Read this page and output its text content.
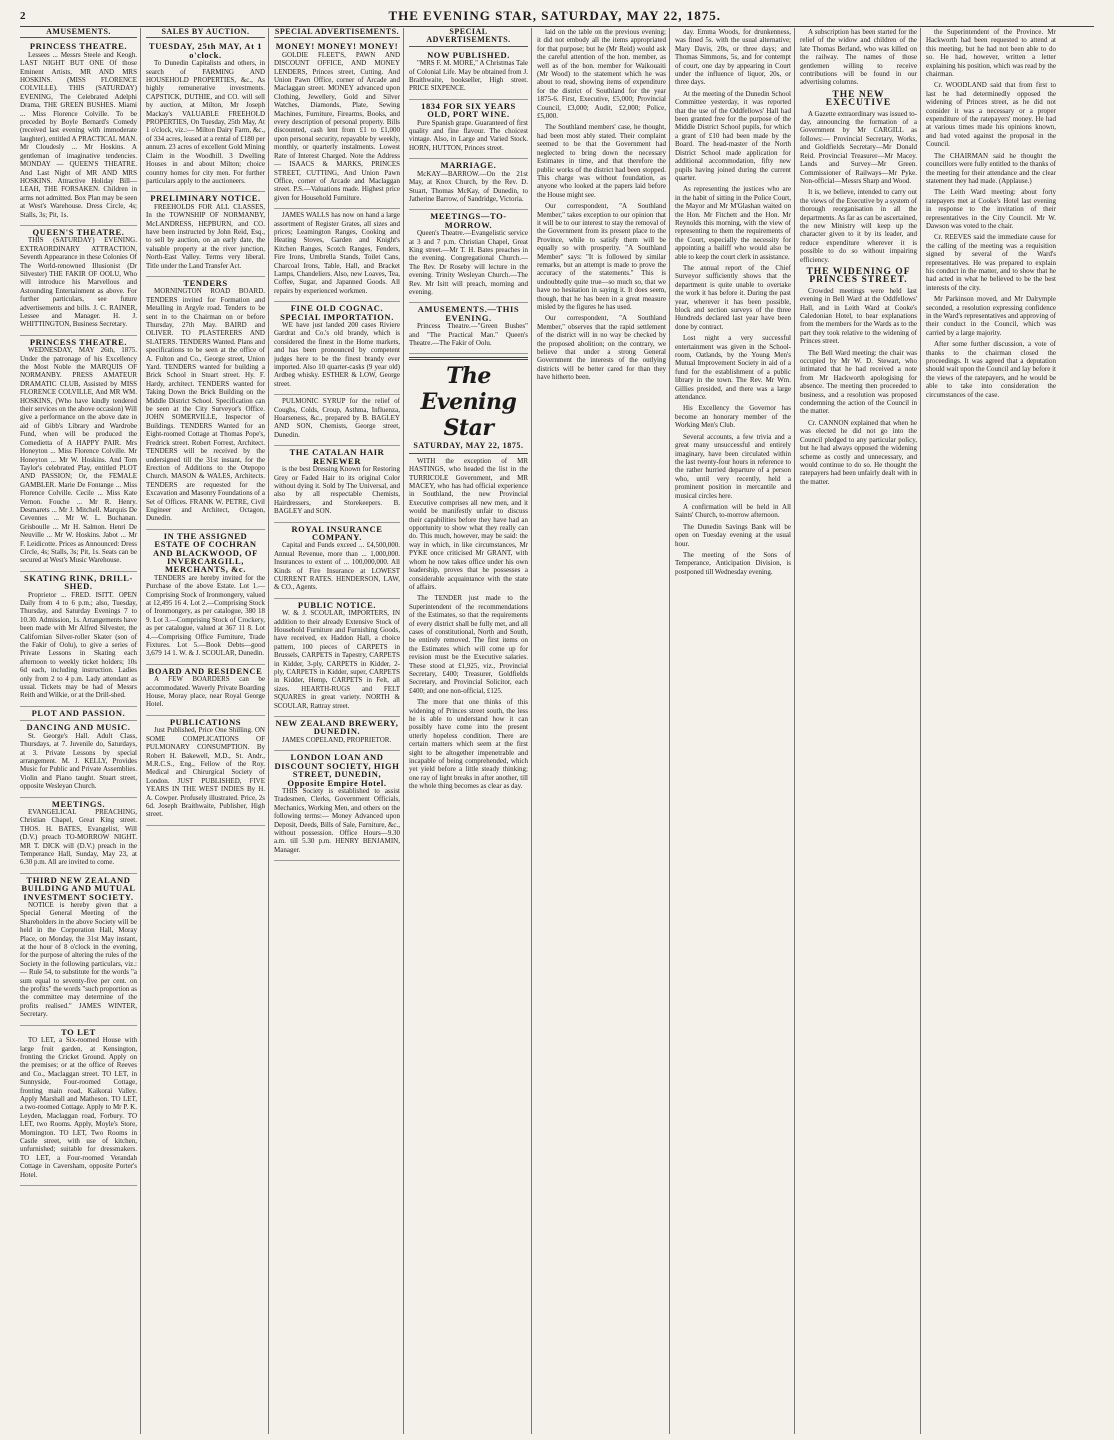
2	THE EVENING STAR, SATURDAY, MAY 22, 1875.
AMUSEMENTS.
PRINCESS THEATRE.
Lessees ... Messrs Steele and Keogh. LAST NIGHT BUT ONE Of those Eminent Artists, MR AND MRS HOSKINS. (MISS FLORENCE COLVILLE). THIS (SATURDAY) EVENING, The Celebrated Adelphi Drama, THE GREEN BUSHES. Miami ... Miss Florence Colville. To be preceded by Boyle Bernard's Comedy (received last evening with immoderate laughter), entitled A PRACTICAL MAN. Mr Cloudesly ... Mr Hoskins. A gentleman of imaginative tendencies. MONDAY — QUEEN'S THEATRE. And Last Night of MR AND MRS HOSKINS. Attractive Holiday Bill—LEAH, THE FORSAKEN. Children in arms not admitted. Box Plan may be seen at West's Warehouse. Dress Circle, 4s; Stalls, 3s; Pit, 1s.
QUEEN'S THEATRE.
THIS (SATURDAY) EVENING. EXTRAORDINARY ATTRACTION, Seventh Appearance in these Colonies Of The World-renowned Illusionist (Dr Silvester) THE FAKIR OF OOLU, Who will introduce his Marvellous and Astounding Entertainment as above. For further particulars, see future advertisements and bills. J. C. RAINER, Lessee and Manager. H. J. WHITTINGTON, Business Secretary.
PRINCESS THEATRE.
WEDNESDAY, MAY 26th, 1875. Under the patronage of his Excellency the Most Noble the MARQUIS OF NORMANBY. PRESS AMATEUR DRAMATIC CLUB, Assisted by MISS FLORENCE COLVILLE, And MR WM. HOSKINS, (Who have kindly tendered their services on the above occasion) Will give a performance on the above date in aid of Gibb's Library and Wardrobe Fund, when will be produced the Comedietta of A HAPPY PAIR. Mrs Honeyton ... Miss Florence Colville. Mr Honeyton ... Mr W. Hoskins. And Tom Taylor's celebrated Play, entitled PLOT AND PASSION; Or, the FEMALE GAMBLER. Marie De Fontange ... Miss Florence Colville. Cecile ... Miss Kate Vernon. Fouche ... Mr R. Henry. Desmarets ... Mr J. Mitchell. Marquis De Cevennes ... Mr W. L. Buchanan. Grisboulle ... Mr H. Salmon. Henri De Neuville ... Mr W. Hoskins. Jabot ... Mr F. Leidicotte. Prices as Announced: Dress Circle, 4s; Stalls, 3s; Pit, 1s. Seats can be secured at West's Music Warehouse.
SKATING RINK, DRILL-SHED.
Proprietor ... FRED. ISITT. OPEN Daily from 4 to 6 p.m.; also, Tuesday, Thursday, and Saturday Evenings 7 to 10.30. Admission, 1s. Arrangements have been made with Mr Alfred Silvester, the Californian Silver-roller Skater (son of the Fakir of Oolu), to give a series of Private Lessons in Skating each afternoon to weekly ticket holders; 10s 6d each, including instruction. Ladies only from 2 to 4 p.m. Lady attendant as usual. Tickets may be had of Messrs Reith and Wilkie, or at the Drill-shed.
PLOT AND PASSION.
DANCING AND MUSIC.
St. George's Hall. Adult Class, Thursdays, at 7. Juvenile do, Saturdays, at 3. Private Lessons by special arrangement. M. J. KELLY, Provides Music for Public and Private Assemblies. Violin and Piano taught. Stuart street, opposite Wesleyan Church.
MEETINGS.
EVANGELICAL PREACHING, Christian Chapel, Great King street. THOS. H. BATES, Evangelist, Will (D.V.) preach TO-MORROW NIGHT. MR T. DICK will (D.V.) preach in the Temperance Hall, Sunday, May 23, at 6.30 p.m. All are invited to come.
THIRD NEW ZEALAND BUILDING AND MUTUAL INVESTMENT SOCIETY.
NOTICE is hereby given that a Special General Meeting of the Shareholders in the above Society will be held in the Corporation Hall, Moray Place, on Monday, the 31st May instant, at the hour of 8 o'clock in the evening, for the purpose of altering the rules of the Society in the following particulars, viz.:— Rule 54, to substitute for the words "a sum equal to seventy-five per cent. on the profits" the words "such proportion as the committee may determine of the profits realised." JAMES WINTER, Secretary.
TO LET
TO LET, a Six-roomed House with large fruit garden, at Kensington, fronting the Cricket Ground. Apply on the premises; or at the office of Reeves and Co., Maclaggan street. TO LET, in Sunnyside, Four-roomed Cottage, fronting main road, Kaikorai Valley. Apply Marshall and Matheson. TO LET, a two-roomed Cottage. Apply to Mr P. K. Leyden, Maclaggan road, Forbury. TO LET, two Rooms. Apply, Moyle's Store, Mornington. TO LET, Two Rooms in Castle street, with use of kitchen, unfurnished; suitable for dressmakers. TO LET, a Four-roomed Verandah Cottage in Caversham, opposite Porter's Hotel.
SALES BY AUCTION.
TUESDAY, 25th MAY, At 1 o'clock.
To Dunedin Capitalists and others, in search of FARMING AND HOUSEHOLD PROPERTIES, &c., As highly remunerative investments. CAPSTICK, DUTHIE, and CO. will sell by auction, at Milton, Mr Joseph Mackay's VALUABLE FREEHOLD PROPERTIES, On Tuesday, 25th May, At 1 o'clock, viz.:— Milton Dairy Farm, &c., of 334 acres, leased at a rental of £180 per annum. 23 acres of excellent Gold Mining Claim in the Woodhill. 3 Dwelling Houses in and about Milton; choice country homes for city men. For further particulars apply to the auctioneers.
PRELIMINARY NOTICE.
FREEHOLDS FOR ALL CLASSES, In the TOWNSHIP OF NORMANBY, McLANDRESS, HEPBURN, and CO. have been instructed by John Reid, Esq., to sell by auction, on an early date, the valuable property at the river junction, North-East Valley. Terms very liberal. Title under the Land Transfer Act.
TENDERS
MORNINGTON ROAD BOARD. TENDERS invited for Formation and Metalling in Argyle road. Tenders to be sent in to the Chairman on or before Thursday, 27th May. BAIRD and OLIVER. TO PLASTERERS AND SLATERS. TENDERS Wanted. Plans and specifications to be seen at the office of A. Fulton and Co., George street, Union Yard. TENDERS wanted for building a Brick School in Stuart street. Hy. F. Hardy, architect. TENDERS wanted for Taking Down the Brick Building on the Middle District School. Specification can be seen at the City Surveyor's Office. JOHN SOMERVILLE, Inspector of Buildings. TENDERS Wanted for an Eight-roomed Cottage at Thomas Pope's, Fredrick street. Robert Forrest, Architect. TENDERS will be received by the undersigned till the 31st instant, for the Erection of Additions to the Otepopo Church. MASON & WALES, Architects. TENDERS are requested for the Excavation and Masonry Foundations of a Set of Offices. FRANK W. PETRE, Civil Engineer and Architect, Octagon, Dunedin.
IN THE ASSIGNED ESTATE OF COCHRAN AND BLACKWOOD, OF INVERCARGILL, MERCHANTS, &c.
TENDERS are hereby invited for the Purchase of the above Estate. Lot 1.—Comprising Stock of Ironmongery, valued at 12,495 16 4. Lot 2.—Comprising Stock of Ironmongery, as per catalogue, 380 18 9. Lot 3.—Comprising Stock of Crockery, as per catalogue, valued at 367 11 8. Lot 4.—Comprising Office Furniture, Trade Fixtures. Lot 5.—Book Debts—good 3,679 14 1. W. & J. SCOULAR, Dunedin.
BOARD AND RESIDENCE
A FEW BOARDERS can be accommodated. Waverly Private Boarding House, Moray place, near Royal George Hotel.
PUBLICATIONS
Just Published, Price One Shilling. ON SOME COMPLICATIONS OF PULMONARY CONSUMPTION. By Robert H. Bakewell, M.D., St. Andr., M.R.C.S., Eng., Fellow of the Roy. Medical and Chirurgical Society of London. JUST PUBLISHED, FIVE YEARS IN THE WEST INDIES By H. A. Cowper. Profusely illustrated. Price, 2s 6d. Joseph Braithwaite, Publisher, High street.
SPECIAL ADVERTISEMENTS.
MONEY! MONEY! MONEY!
GOLDIE FLEET'S, PAWN AND DISCOUNT OFFICE, AND MONEY LENDERS, Princes street, Cutting. And Union Pawn Office, corner of Arcade and Maclaggan street. MONEY advanced upon Clothing, Jewellery, Gold and Silver Watches, Diamonds, Plate, Sewing Machines, Furniture, Firearms, Books, and every description of personal property. Bills discounted, cash lent from £1 to £1,000 upon personal security, repayable by weekly, monthly, or quarterly instalments. Lowest Rate of Interest Charged. Note the Address— ISAACS & MARKS, PRINCES STREET, CUTTING, And Union Pawn Office, corner of Arcade and Maclaggan street. P.S.—Valuations made. Highest price given for Household Furniture.
JAMES WALLS has now on hand a large assortment of Register Grates, all sizes and prices; Leamington Ranges, Cooking and Heating Stoves, Garden and Knight's Kitchen Ranges, Scotch Ranges, Fenders, Fire Irons, Umbrella Stands, Toilet Cans, Charcoal Irons, Table, Hall, and Bracket Lamps, Chandeliers. Also, new Loaves, Tea, Coffee, Sugar, and Japanned Goods. All repairs by experienced workmen.
FINE OLD COGNAC. SPECIAL IMPORTATION.
WE have just landed 200 cases Riviere Gardrat and Co.'s old brandy, which is considered the finest in the Home markets, and has been pronounced by competent judges here to be the finest brandy ever imported. Also 10 quarter-casks (9 year old) Ardbeg whisky. ESTHER & LOW, George street.
PULMONIC SYRUP for the relief of Coughs, Colds, Croup, Asthma, Influenza, Hoarseness, &c., prepared by B. BAGLEY AND SON, Chemists, George street, Dunedin.
THE CATALAN HAIR RENEWER
is the best Dressing Known for Restoring Grey or Faded Hair to its original Color without dying it. Sold by The Universal, and also by all respectable Chemists, Hairdressers, and Storekeepers. B. BAGLEY and SON.
ROYAL INSURANCE COMPANY.
Capital and Funds exceed ... £4,500,000. Annual Revenue, more than ... 1,000,000. Insurances to extent of ... 100,000,000. All Kinds of Fire Insurance at LOWEST CURRENT RATES. HENDERSON, LAW, & CO., Agents.
PUBLIC NOTICE.
W. & J. SCOULAR, IMPORTERS, IN addition to their already Extensive Stock of Household Furniture and Furnishing Goods, have received, ex Haddon Hall, a choice pattern, 100 pieces of CARPETS in Brussels, CARPETS in Tapestry, CARPETS in Kidder, 3-ply, CARPETS in Kidder, 2-ply, CARPETS in Kidder, super, CARPETS in Kidder, Hemp, CARPETS in Felt, all sizes. HEARTH-RUGS and FELT SQUARES in great variety. NORTH & SCOULAR, Rattray street.
NEW ZEALAND BREWERY, DUNEDIN.
JAMES COPELAND, PROPRIETOR.
LONDON LOAN AND DISCOUNT SOCIETY, HIGH STREET, DUNEDIN, Opposite Empire Hotel.
THIS Society is established to assist Tradesmen, Clerks, Government Officials, Mechanics, Working Men, and others on the following terms:— Money Advanced upon Deposit, Deeds, Bills of Sale, Furniture, &c., without possession. Office Hours—9.30 a.m. till 5.30 p.m. HENRY BENJAMIN, Manager.
SPECIAL ADVERTISEMENTS.
NOW PUBLISHED.
"MRS F. M. MORE," A Christmas Tale of Colonial Life. May be obtained from J. Braithwaite, bookseller, High street. PRICE SIXPENCE.
1834 FOR SIX YEARS OLD, PORT WINE.
Pure Spanish grape. Guaranteed of first quality and fine flavour. The choicest vintage. Also, in Large and Varied Stock. HORN, HUTTON, Princes street.
MARRIAGE.
McKAY—BARROW.—On the 21st May, at Knox Church, by the Rev. D. Stuart, Thomas McKay, of Dunedin, to Jatherine Barrow, of Sandridge, Victoria.
MEETINGS—TO-MORROW.
Queen's Theatre.—Evangelistic service at 3 and 7 p.m. Christian Chapel, Great King street.—Mr T. H. Bates preaches in the evening. Congregational Church.—The Rev. Dr Roseby will lecture in the evening. Trinity Wesleyan Church.—The Rev. Mr Isitt will preach, morning and evening.
AMUSEMENTS.—THIS EVENING.
Princess Theatre.—"Green Bushes" and "The Practical Man." Queen's Theatre.—The Fakir of Oolu.
The Evening Star
SATURDAY, MAY 22, 1875.

WITH the exception of MR HASTINGS, who headed the list in the TURRICOLE Government, and MR MACEY, who has had official experience in Southland, the new Provincial Executive comprises all new men, and it would be manifestly unfair to discuss their capabilities before they have had an opportunity to show what they really can do. This much, however, may be said: the way in which, in like circumstances, Mr PYKE once criticised Mr GRANT, with whom he now takes office under his own leadership, proves that he possesses a considerable acquaintance with the state of affairs.

The TENDER just made to the Superintendent of the recommendations of the Estimates, so that the requirements of every district shall be fully met, and all cases of constitutional, North and South, be entirely removed. The first items on the Estimates which will come up for revision must be the Executive salaries. These stood at £1,925, viz., Provincial Secretary, £400; Treasurer, Goldfields Secretary, and Provincial Solicitor, each £400; and one non-official, £125.

The more that one thinks of this widening of Princes street south, the less he is able to understand how it can possibly have come into the present utterly hopeless condition. There are certain matters which seem at the first sight to be altogether impenetrable and incapable of being comprehended, which yet yield before a little steady thinking; one ray of light breaks in after another, till the whole thing becomes as clear as day.

laid on the table on the previous evening; it did not embody all the items appropriated for that purpose; but he (Mr Reid) would ask the careful attention of the hon. member, as well as of the hon. member for Waikouaiti (Mr Wood) to the statement which he was about to read, showing items of expenditure for the district of Southland for the year 1875-6. First, Executive, £5,000; Provincial Council, £3,000; Audit, £2,000; Police, £5,000.

The Southland members' case, he thought, had been most ably stated. Their complaint seemed to be that the Government had neglected to bring down the necessary Estimates in time, and that therefore the public works of the district had been stopped. This charge was without foundation, as anyone who looked at the papers laid before the House might see.

Our correspondent, "A Southland Member," takes exception to our opinion that it will be to our interest to stay the removal of the Government from its present place to the Province, while to satisfy them will be equally so with prosperity. "A Southland Member" says: "It is followed by similar remarks, but an attempt is made to prove the accuracy of the statements." This is undoubtedly quite true—so much so, that we have no hesitation in saying it. It does seem, though, that he has been in a great measure misled by the figures he has used.

Our correspondent, "A Southland Member," observes that the rapid settlement of the district will in no way be checked by the proposed abolition; on the contrary, we believe that under a strong General Government the interests of the outlying districts will be better cared for than they have hitherto been.

day. Emma Woods, for drunkenness, was fined 5s. with the usual alternative; Mary Davis, 20s, or three days; and Thomas Simmons, 5s, and for contempt of court, one day by appearing in Court under the influence of liquor, 20s, or three days.

At the meeting of the Dunedin School Committee yesterday, it was reported that the use of the Oddfellows' Hall had been granted free for the purpose of the Middle District School pupils, for which a grant of £10 had been made by the Board. The head-master of the North District School made application for additional accommodation, fifty new pupils having joined during the current quarter.

As representing the justices who are in the habit of sitting in the Police Court, the Mayor and Mr M'Glashan waited on the Hon. Mr Fitchett and the Hon. Mr Reynolds this morning, with the view of representing to them the requirements of the Court, especially the necessity for appointing a bailiff who would also be able to keep the court clerk in assistance.

The annual report of the Chief Surveyor sufficiently shows that the department is quite unable to overtake the work it has before it. During the past year, wherever it has been possible, block and section surveys of the three Hundreds declared last year have been done by contract.

Lost night a very successful entertainment was given in the School-room, Oatlands, by the Young Men's Mutual Improvement Society in aid of a fund for the establishment of a public library in the town. The Rev. Mr Wm. Gillies presided, and there was a large attendance.

His Excellency the Governor has become an honorary member of the Working Men's Club.

Several accounts, a few trivia and a great many unsuccessful and entirely imaginary, have been circulated within the last twenty-four hours in reference to the rather hurried departure of a person who, until very recently, held a prominent position in mercantile and musical circles here.

A confirmation will be held in All Saints' Church, to-morrow afternoon.

The Dunedin Savings Bank will be open on Tuesday evening at the usual hour.

The meeting of the Sons of Temperance, Anticipation Division, is postponed till Wednesday evening.

A subscription has been started for the relief of the widow and children of the late Thomas Berland, who was killed on the railway. The names of those gentlemen willing to receive contributions will be found in our advertising columns.

THE NEW EXECUTIVE

A Gazette extraordinary was issued to-day, announcing the formation of a Government by Mr CARGILL as follows:— Provincial Secretary, Works, and Goldfields Secretary—Mr Donald Reid. Provincial Treasurer—Mr Macey. Lands and Survey—Mr Green. Commissioner of Railways—Mr Pyke. Non-official—Messrs Sharp and Wood.

It is, we believe, intended to carry out the views of the Executive by a system of thorough reorganisation in all the departments. As far as can be ascertained, the new Ministry will keep up the character given to it by its leader, and reduce expenditure wherever it is possible to do so without impairing efficiency.

THE WIDENING OF PRINCES STREET.

Crowded meetings were held last evening in Bell Ward at the Oddfellows' Hall, and in Leith Ward at Cooke's Caledonian Hotel, to hear explanations from the members for the Wards as to the part they took relative to the widening of Princes street.

The Bell Ward meeting: the chair was occupied by Mr W. D. Stewart, who intimated that he had received a note from Mr Hackworth apologising for absence. The meeting then proceeded to business, and a resolution was proposed condemning the action of the Council in the matter.

Cr. CANNON explained that when he was elected he did not go into the Council pledged to any particular policy, but he had always opposed the widening scheme as costly and unnecessary, and would continue to do so. He thought the ratepayers had been unfairly dealt with in the matter.

the Superintendent of the Province. Mr Hackworth had been requested to attend at this meeting, but he had not been able to do so. He had, however, written a letter explaining his position, which was read by the chairman.

Cr. WOODLAND said that from first to last he had determinedly opposed the widening of Princes street, as he did not consider it was a necessary or a proper expenditure of the ratepayers' money. He had at various times made his opinions known, and had voted against the proposal in the Council.

The CHAIRMAN said he thought the councillors were fully entitled to the thanks of the meeting for their attendance and the clear statement they had made. (Applause.)

The Leith Ward meeting: about forty ratepayers met at Cooke's Hotel last evening in response to the invitation of their representatives in the City Council. Mr W. Dawson was voted to the chair.

Cr. REEVES said the immediate cause for the calling of the meeting was a requisition signed by several of the Ward's representatives. He was prepared to explain his conduct in the matter, and to show that he had acted in what he believed to be the best interests of the city.

Mr Parkinson moved, and Mr Dalrymple seconded, a resolution expressing confidence in the Ward's representatives and approving of their conduct in the Council, which was carried by a large majority.

After some further discussion, a vote of thanks to the chairman closed the proceedings. It was agreed that a deputation should wait upon the Council and lay before it the views of the ratepayers, and he would be able to take into consideration the circumstances of the case.
